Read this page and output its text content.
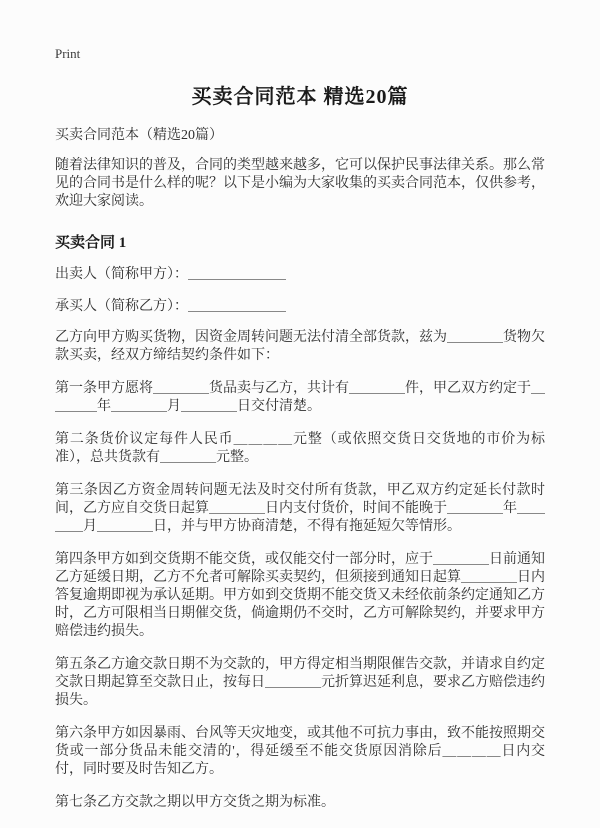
Print
买卖合同范本 精选20篇

买卖合同范本（精选20篇）

随着法律知识的普及，合同的类型越来越多，它可以保护民事法律关系。那么常见的合同书是什么样的呢？以下是小编为大家收集的买卖合同范本，仅供参考，欢迎大家阅读。

买卖合同 1

出卖人（简称甲方）：＿＿＿＿＿＿＿

承买人（简称乙方）：＿＿＿＿＿＿＿

乙方向甲方购买货物，因资金周转问题无法付清全部货款，兹为＿＿＿＿货物欠款买卖，经双方缔结契约条件如下：

第一条甲方愿将＿＿＿＿货品卖与乙方，共计有＿＿＿＿件，甲乙双方约定于＿＿＿＿年＿＿＿＿月＿＿＿＿日交付清楚。

第二条货价议定每件人民币＿＿＿＿元整（或依照交货日交货地的市价为标准），总共货款有＿＿＿＿元整。

第三条因乙方资金周转问题无法及时交付所有货款，甲乙双方约定延长付款时间，乙方应自交货日起算＿＿＿＿日内支付货价，时间不能晚于＿＿＿＿年＿＿＿＿月＿＿＿＿日，并与甲方协商清楚，不得有拖延短欠等情形。

第四条甲方如到交货期不能交货，或仅能交付一部分时，应于＿＿＿＿日前通知乙方延缓日期，乙方不允者可解除买卖契约，但须接到通知日起算＿＿＿＿日内答复逾期即视为承认延期。甲方如到交货期不能交货又未经依前条约定通知乙方时，乙方可限相当日期催交货，倘逾期仍不交时，乙方可解除契约，并要求甲方赔偿违约损失。

第五条乙方逾交款日期不为交款的，甲方得定相当期限催告交款，并请求自约定交款日期起算至交款日止，按每日＿＿＿＿元折算迟延利息，要求乙方赔偿违约损失。

第六条甲方如因暴雨、台风等天灾地变，或其他不可抗力事由，致不能按照期交货或一部分货品未能交清的'，得延缓至不能交货原因消除后＿＿＿＿日内交付，同时要及时告知乙方。

第七条乙方交款之期以甲方交货之期为标准。
